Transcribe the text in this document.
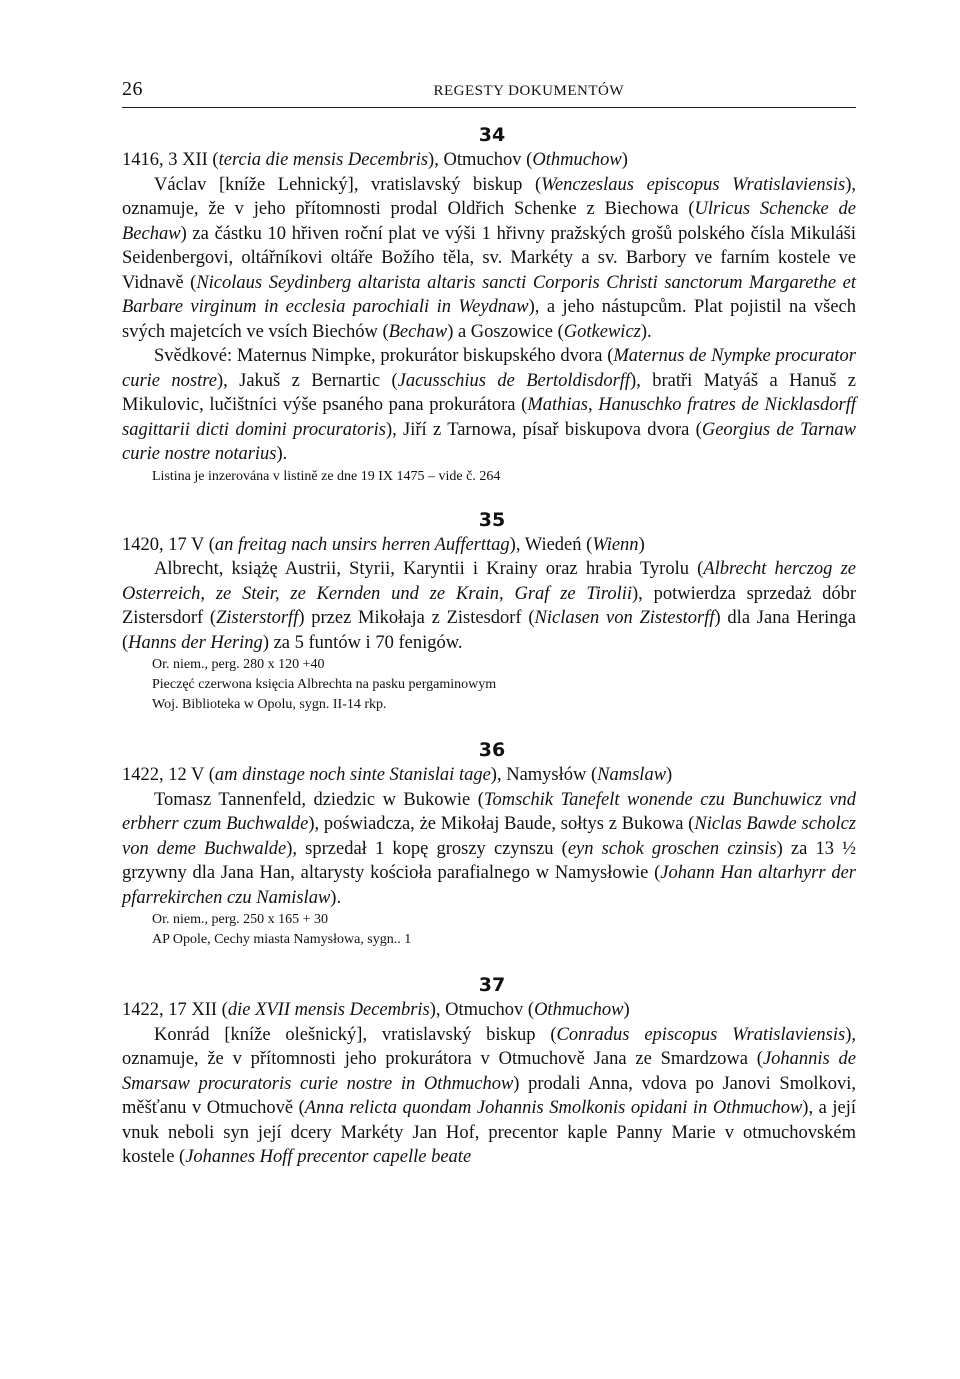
26	REGESTY DOKUMENTÓW
34
1416, 3 XII (tercia die mensis Decembris), Otmuchov (Othmuchow)

Václav [kníže Lehnický], vratislavský biskup (Wenczeslaus episcopus Wratislaviensis), oznamuje, že v jeho přítomnosti prodal Oldřich Schenke z Biechowa (Ulricus Schencke de Bechaw) za částku 10 hřiven roční plat ve výši 1 hřivny pražských grošů polského čísla Mikuláši Seidenbergovi, oltářníkovi oltáře Božího těla, sv. Markéty a sv. Barbory ve farním kostele ve Vidnavě (Nicolaus Seydinberg altarista altaris sancti Corporis Christi sanctorum Margarethe et Barbare virginum in ecclesia parochiali in Weydnaw), a jeho nástupcům. Plat pojistil na všech svých majetcích ve vsích Biechów (Bechaw) a Goszowice (Gotkewicz).

Svědkové: Maternus Nimpke, prokurátor biskupského dvora (Maternus de Nympke procurator curie nostre), Jakuš z Bernartic (Jacusschius de Bertoldisdorff), bratři Matyáš a Hanuš z Mikulovic, lučištníci výše psaného pana prokurátora (Mathias, Hanuschko fratres de Nicklasdorff sagittarii dicti domini procuratoris), Jiří z Tarnowa, písař biskupova dvora (Georgius de Tarnaw curie nostre notarius).

Listina je inzerována v listině ze dne 19 IX 1475 – vide č. 264

35
1420, 17 V (an freitag nach unsirs herren Aufferttag), Wiedeń (Wienn)

Albrecht, książę Austrii, Styrii, Karyntii i Krainy oraz hrabia Tyrolu (Albrecht herczog ze Osterreich, ze Steir, ze Kernden und ze Krain, Graf ze Tirolii), potwierdza sprzedaż dóbr Zistersdorf (Zisterstorff) przez Mikołaja z Zistesdorf (Niclasen von Zistestorff) dla Jana Heringa (Hanns der Hering) za 5 funtów i 70 fenigów.

Or. niem., perg. 280 x 120 +40

Pieczęć czerwona księcia Albrechta na pasku pergaminowym

Woj. Biblioteka w Opolu, sygn. II-14 rkp.

36
1422, 12 V (am dinstage noch sinte Stanislai tage), Namysłów (Namslaw)

Tomasz Tannenfeld, dziedzic w Bukowie (Tomschik Tanefelt wonende czu Bunchuwicz vnd erbherr czum Buchwalde), poświadcza, że Mikołaj Baude, sołtys z Bukowa (Niclas Bawde scholcz von deme Buchwalde), sprzedał 1 kopę groszy czynszu (eyn schok groschen czinsis) za 13 ½ grzywny dla Jana Han, altarysty kościoła parafialnego w Namysłowie (Johann Han altarhyrr der pfarrekirchen czu Namislaw).

Or. niem., perg. 250 x 165 + 30

AP Opole, Cechy miasta Namysłowa, sygn.. 1

37
1422, 17 XII (die XVII mensis Decembris), Otmuchov (Othmuchow)

Konrád [kníže olešnický], vratislavský biskup (Conradus episcopus Wratislaviensis), oznamuje, že v přítomnosti jeho prokurátora v Otmuchově Jana ze Smardzowa (Johannis de Smarsaw procuratoris curie nostre in Othmuchow) prodali Anna, vdova po Janovi Smolkovi, měšťanu v Otmuchově (Anna relicta quondam Johannis Smolkonis opidani in Othmuchow), a její vnuk neboli syn její dcery Markéty Jan Hof, precentor kaple Panny Marie v otmuchovském kostele (Johannes Hoff precentor capelle beate
